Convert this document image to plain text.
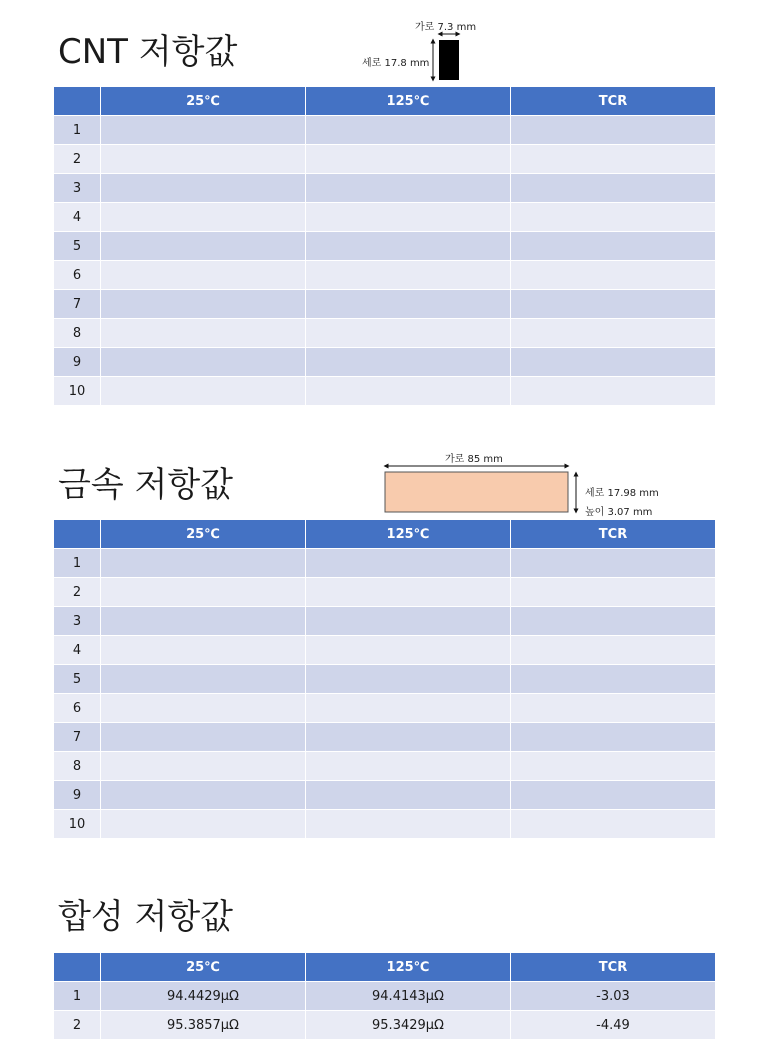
CNT 저항값
가로 7.3 mm
세로 17.8 mm
	25℃	125℃	TCR
1			
2			
3			
4			
5			
6			
7			
8			
9			
10			
금속 저항값
가로 85 mm
세로 17.98 mm
높이 3.07 mm
	25℃	125℃	TCR
1			
2			
3			
4			
5			
6			
7			
8			
9			
10			
합성 저항값
	25℃	125℃	TCR
1	94.4429μΩ	94.4143μΩ	-3.03
2	95.3857μΩ	95.3429μΩ	-4.49
